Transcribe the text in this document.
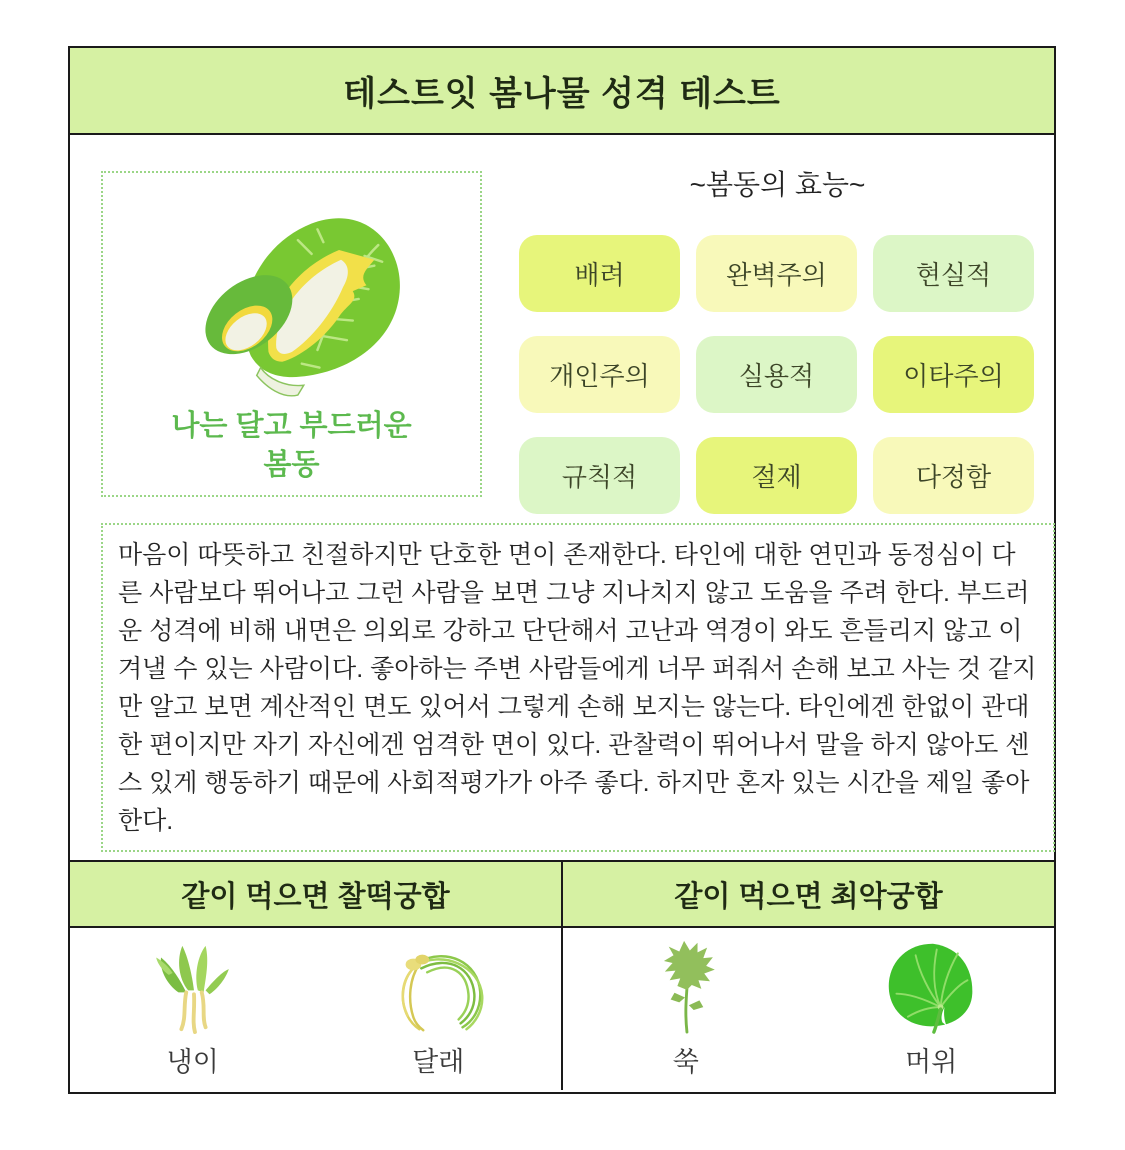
테스트잇 봄나물 성격 테스트
나는 달고 부드러운
봄동
~봄동의 효능~
배려	완벽주의	현실적
개인주의	실용적	이타주의
규칙적	절제	다정함
마음이 따뜻하고 친절하지만 단호한 면이 존재한다. 타인에 대한 연민과 동정심이 다른 사람보다 뛰어나고 그런 사람을 보면 그냥 지나치지 않고 도움을 주려 한다. 부드러운 성격에 비해 내면은 의외로 강하고 단단해서 고난과 역경이 와도 흔들리지 않고 이겨낼 수 있는 사람이다. 좋아하는 주변 사람들에게 너무 퍼줘서 손해 보고 사는 것 같지만 알고 보면 계산적인 면도 있어서 그렇게 손해 보지는 않는다. 타인에겐 한없이 관대한 편이지만 자기 자신에겐 엄격한 면이 있다. 관찰력이 뛰어나서 말을 하지 않아도 센스 있게 행동하기 때문에 사회적평가가 아주 좋다. 하지만 혼자 있는 시간을 제일 좋아한다.
같이 먹으면 찰떡궁합	같이 먹으면 최악궁합
냉이	달래	쑥	머위
